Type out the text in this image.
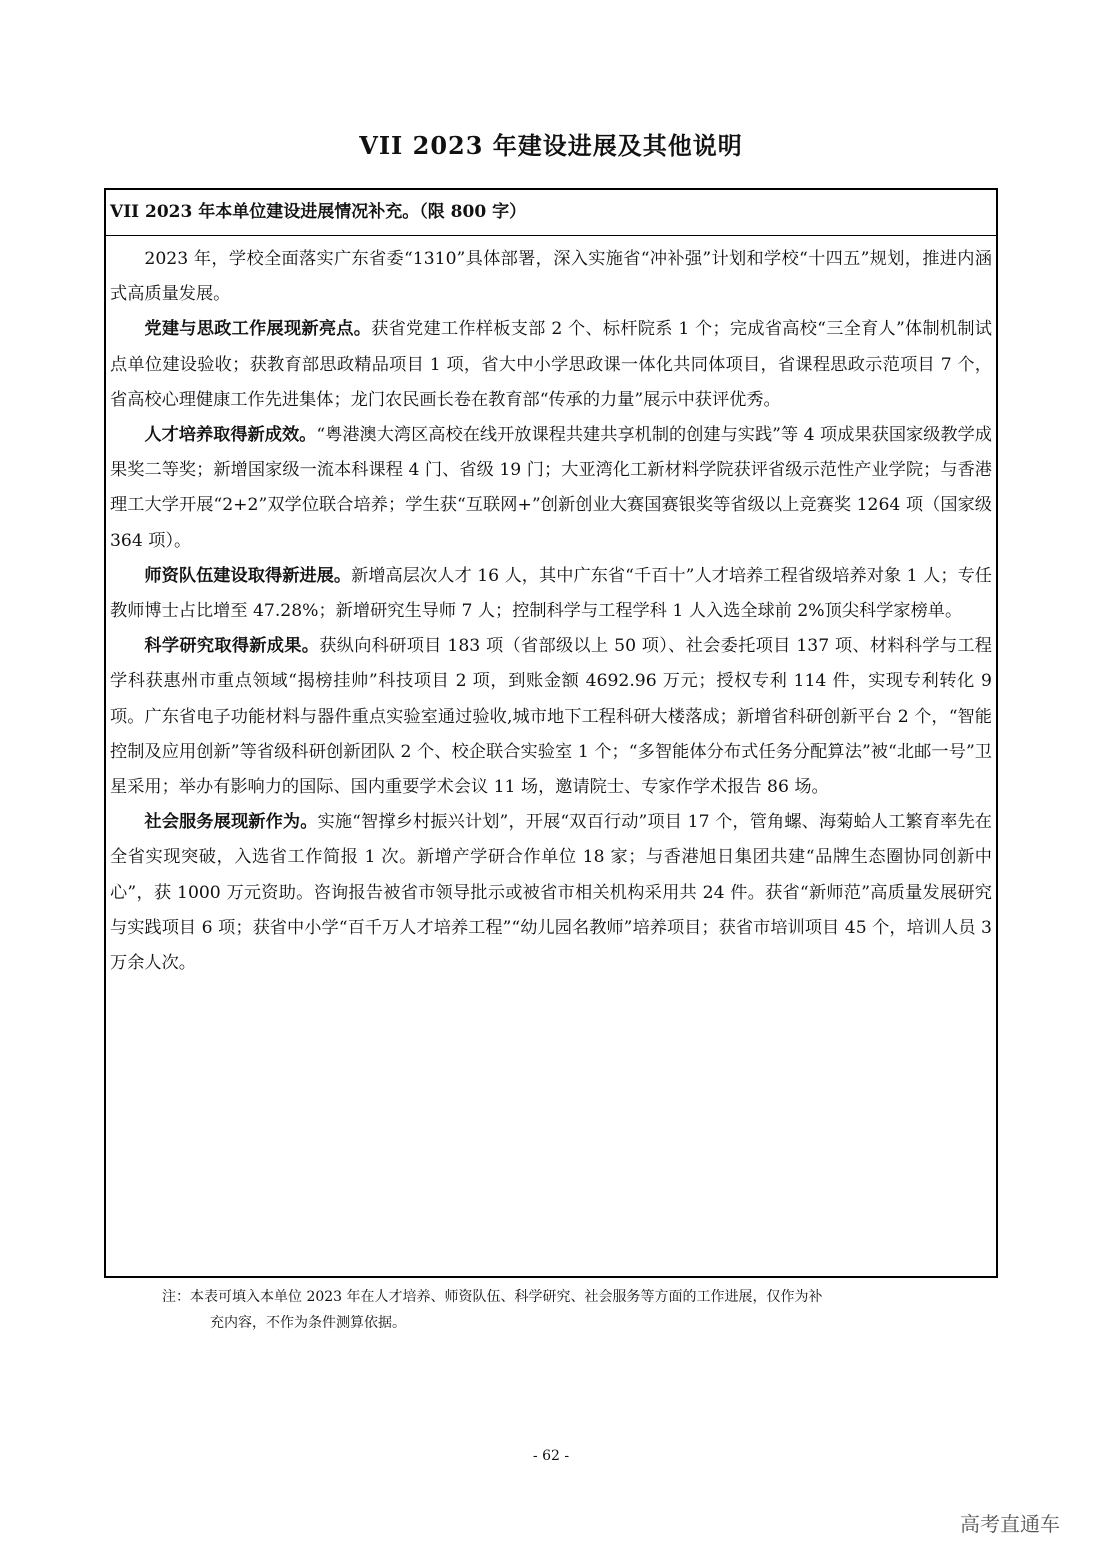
VII 2023 年建设进展及其他说明
VII 2023 年本单位建设进展情况补充。（限 800 字）

2023 年，学校全面落实广东省委“1310”具体部署，深入实施省“冲补强”计划和学校“十四五”规划，推进内涵式高质量发展。

党建与思政工作展现新亮点。获省党建工作样板支部 2 个、标杆院系 1 个；完成省高校“三全育人”体制机制试点单位建设验收；获教育部思政精品项目 1 项，省大中小学思政课一体化共同体项目，省课程思政示范项目 7 个，省高校心理健康工作先进集体；龙门农民画长卷在教育部“传承的力量”展示中获评优秀。

人才培养取得新成效。“粤港澳大湾区高校在线开放课程共建共享机制的创建与实践”等 4 项成果获国家级教学成果奖二等奖；新增国家级一流本科课程 4 门、省级 19 门；大亚湾化工新材料学院获评省级示范性产业学院；与香港理工大学开展“2+2”双学位联合培养；学生获“互联网+”创新创业大赛国赛银奖等省级以上竞赛奖 1264 项（国家级 364 项）。

师资队伍建设取得新进展。新增高层次人才 16 人，其中广东省“千百十”人才培养工程省级培养对象 1 人；专任教师博士占比增至 47.28%；新增研究生导师 7 人；控制科学与工程学科 1 人入选全球前 2%顶尖科学家榜单。

科学研究取得新成果。获纵向科研项目 183 项（省部级以上 50 项）、社会委托项目 137 项、材料科学与工程学科获惠州市重点领域“揭榜挂帅”科技项目 2 项，到账金额 4692.96 万元；授权专利 114 件，实现专利转化 9 项。广东省电子功能材料与器件重点实验室通过验收,城市地下工程科研大楼落成；新增省科研创新平台 2 个，“智能控制及应用创新”等省级科研创新团队 2 个、校企联合实验室 1 个；“多智能体分布式任务分配算法”被“北邮一号”卫星采用；举办有影响力的国际、国内重要学术会议 11 场，邀请院士、专家作学术报告 86 场。

社会服务展现新作为。实施“智撑乡村振兴计划”，开展“双百行动”项目 17 个，管角螺、海菊蛤人工繁育率先在全省实现突破，入选省工作简报 1 次。新增产学研合作单位 18 家；与香港旭日集团共建“品牌生态圈协同创新中心”，获 1000 万元资助。咨询报告被省市领导批示或被省市相关机构采用共 24 件。获省“新师范”高质量发展研究与实践项目 6 项；获省中小学“百千万人才培养工程”“幼儿园名教师”培养项目；获省市培训项目 45 个，培训人员 3 万余人次。

注：本表可填入本单位 2023 年在人才培养、师资队伍、科学研究、社会服务等方面的工作进展，仅作为补
充内容，不作为条件测算依据。

- 62 -

高考直通车
